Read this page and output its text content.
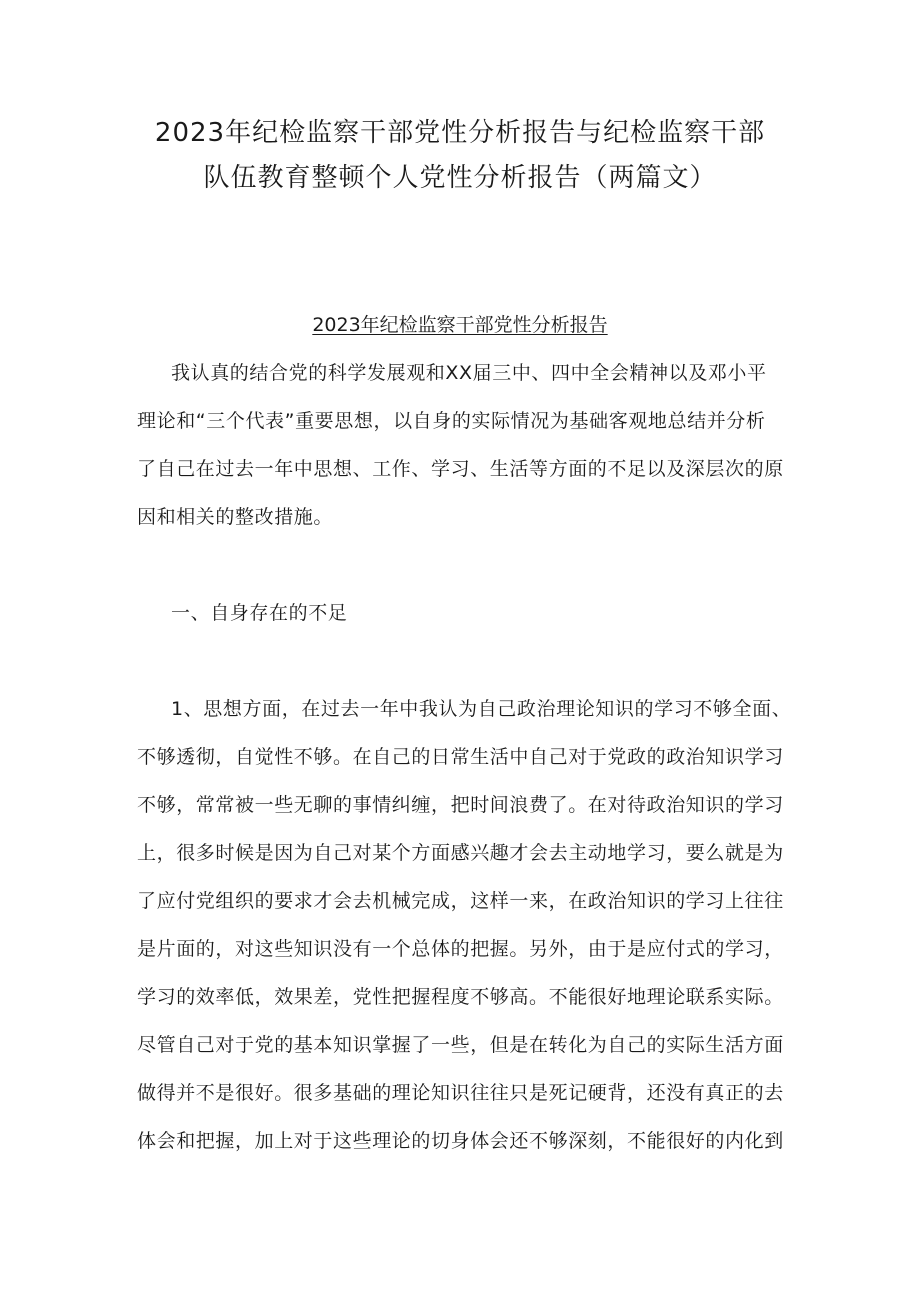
2023年纪检监察干部党性分析报告与纪检监察干部
队伍教育整顿个人党性分析报告（两篇文）
2023年纪检监察干部党性分析报告
我认真的结合党的科学发展观和XX届三中、四中全会精神以及邓小平
理论和“三个代表”重要思想，以自身的实际情况为基础客观地总结并分析
了自己在过去一年中思想、工作、学习、生活等方面的不足以及深层次的原
因和相关的整改措施。
一、自身存在的不足
1、思想方面，在过去一年中我认为自己政治理论知识的学习不够全面、
不够透彻，自觉性不够。在自己的日常生活中自己对于党政的政治知识学习
不够，常常被一些无聊的事情纠缠，把时间浪费了。在对待政治知识的学习
上，很多时候是因为自己对某个方面感兴趣才会去主动地学习，要么就是为
了应付党组织的要求才会去机械完成，这样一来，在政治知识的学习上往往
是片面的，对这些知识没有一个总体的把握。另外，由于是应付式的学习，
学习的效率低，效果差，党性把握程度不够高。不能很好地理论联系实际。
尽管自己对于党的基本知识掌握了一些，但是在转化为自己的实际生活方面
做得并不是很好。很多基础的理论知识往往只是死记硬背，还没有真正的去
体会和把握，加上对于这些理论的切身体会还不够深刻，不能很好的内化到
